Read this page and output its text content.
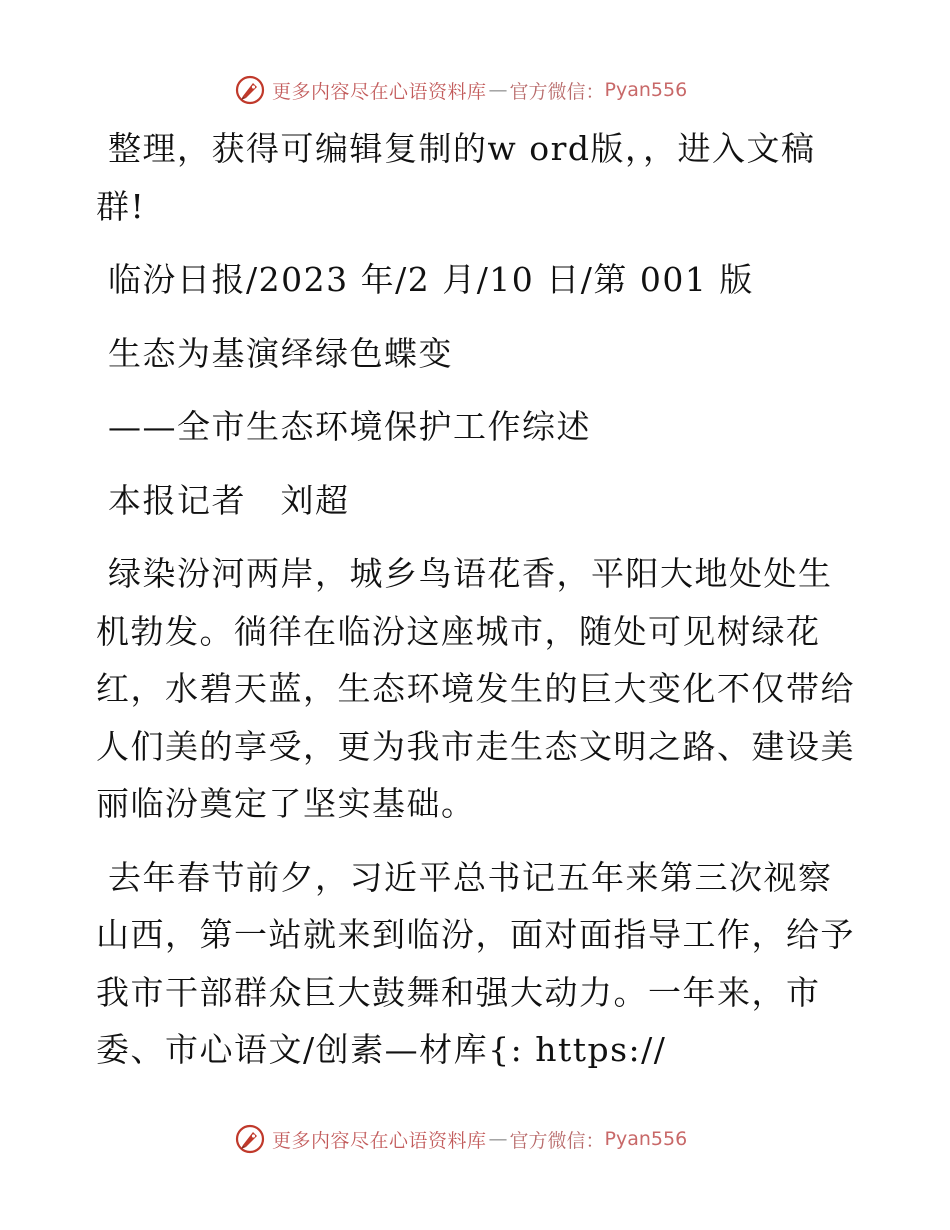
更多内容尽在心语资料库 — 官方微信： Pyan556

整理，获得可编辑复制的w ord版，，进入文稿群!

临汾日报/2023 年/2 月/10 日/第 001 版

生态为基演绎绿色蝶变

——全市生态环境保护工作综述

本报记者　刘超

绿染汾河两岸，城乡鸟语花香，平阳大地处处生机勃发。徜徉在临汾这座城市，随处可见树绿花红，水碧天蓝，生态环境发生的巨大变化不仅带给人们美的享受，更为我市走生态文明之路、建设美丽临汾奠定了坚实基础。

去年春节前夕，习近平总书记五年来第三次视察山西，第一站就来到临汾，面对面指导工作，给予我市干部群众巨大鼓舞和强大动力。一年来，市委、市心语文/创素—材库{: https://

更多内容尽在心语资料库 — 官方微信： Pyan556
